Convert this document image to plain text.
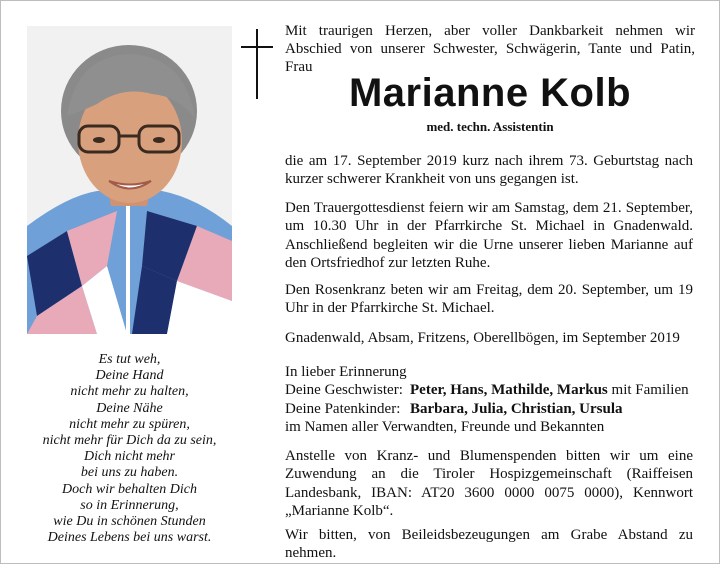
Mit traurigen Herzen, aber voller Dankbarkeit nehmen wir Abschied von unserer Schwester, Schwägerin, Tante und Patin, Frau
Marianne Kolb
med. techn. Assistentin
die am 17. September 2019 kurz nach ihrem 73. Geburtstag nach kurzer schwerer Krankheit von uns gegangen ist.
Den Trauergottesdienst feiern wir am Samstag, dem 21. September, um 10.30 Uhr in der Pfarrkirche St. Michael in Gnadenwald. Anschließend begleiten wir die Urne unserer lieben Marianne auf den Ortsfriedhof zur letzten Ruhe.
Den Rosenkranz beten wir am Freitag, dem 20. September, um 19 Uhr in der Pfarrkirche St. Michael.
Gnadenwald, Absam, Fritzens, Oberellbögen, im September 2019
In lieber Erinnerung
Deine Geschwister: Peter, Hans, Mathilde, Markus
mit Familien
Deine Patenkinder: Barbara, Julia, Christian, Ursula
im Namen aller Verwandten, Freunde und Bekannten
Anstelle von Kranz- und Blumenspenden bitten wir um eine Zuwendung an die Tiroler Hospizgemeinschaft (Raiffeisen Landesbank, IBAN: AT20 3600 0000 0075 0000), Kennwort „Marianne Kolb“.
Wir bitten, von Beileidsbezeugungen am Grabe Abstand zu nehmen.
Es tut weh,
Deine Hand
nicht mehr zu halten,
Deine Nähe
nicht mehr zu spüren,
nicht mehr für Dich da zu sein,
Dich nicht mehr
bei uns zu haben.
Doch wir behalten Dich
so in Erinnerung,
wie Du in schönen Stunden
Deines Lebens bei uns warst.
